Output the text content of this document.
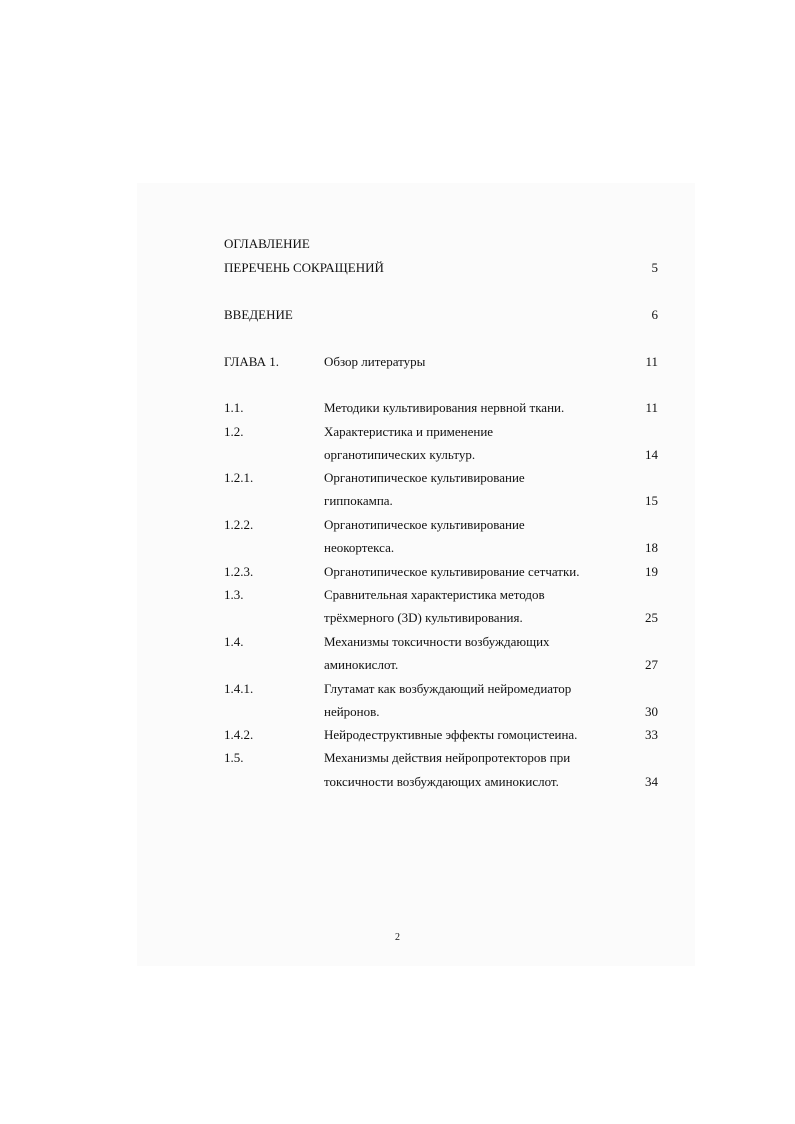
ОГЛАВЛЕНИЕ
ПЕРЕЧЕНЬ СОКРАЩЕНИЙ	5
ВВЕДЕНИЕ	6
ГЛАВА 1.	Обзор литературы	11
1.1.	Методики культивирования нервной ткани.	11
1.2.	Характеристика и применение
органотипических культур.	14
1.2.1.	Органотипическое культивирование
гиппокампа.	15
1.2.2.	Органотипическое культивирование
неокортекса.	18
1.2.3.	Органотипическое культивирование сетчатки.	19
1.3.	Сравнительная характеристика методов
трёхмерного (3D) культивирования.	25
1.4.	Механизмы токсичности возбуждающих
аминокислот.	27
1.4.1.	Глутамат как возбуждающий нейромедиатор
нейронов.	30
1.4.2.	Нейродеструктивные эффекты гомоцистеина.	33
1.5.	Механизмы действия нейропротекторов при
токсичности возбуждающих аминокислот.	34
2
